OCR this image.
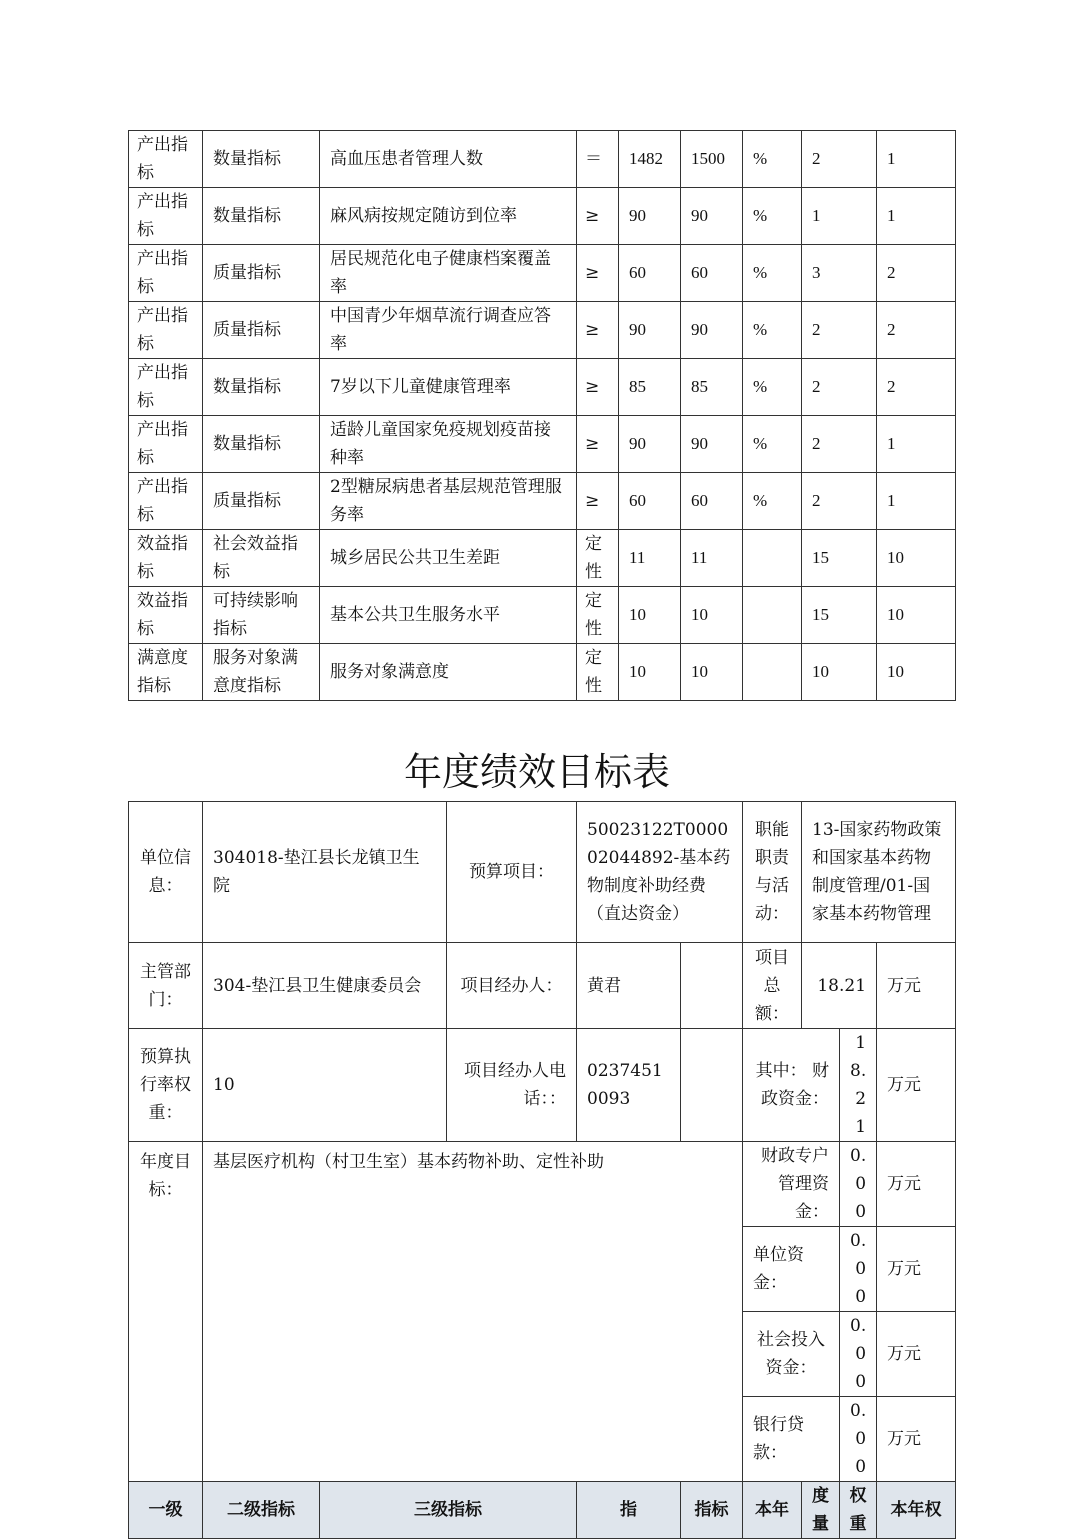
产出指标	数量指标	高血压患者管理人数	＝	1482	1500	%	2	1
产出指标	数量指标	麻风病按规定随访到位率	≥	90	90	%	1	1
产出指标	质量指标	居民规范化电子健康档案覆盖率	≥	60	60	%	3	2
产出指标	质量指标	中国青少年烟草流行调查应答率	≥	90	90	%	2	2
产出指标	数量指标	7岁以下儿童健康管理率	≥	85	85	%	2	2
产出指标	数量指标	适龄儿童国家免疫规划疫苗接种率	≥	90	90	%	2	1
产出指标	质量指标	2型糖尿病患者基层规范管理服务率	≥	60	60	%	2	1
效益指标	社会效益指标	城乡居民公共卫生差距	定性	11	11		15	10
效益指标	可持续影响指标	基本公共卫生服务水平	定性	10	10		15	10
满意度指标	服务对象满意度指标	服务对象满意度	定性	10	10		10	10
年度绩效目标表
单位信息：	304018-垫江县长龙镇卫生院		预算项目：	50023122T000002044892-基本药物制度补助经费（直达资金）		职能职责与活动：	13-国家药物政策和国家基本药物制度管理/01-国家基本药物管理		
主管部门：	304-垫江县卫生健康委员会		项目经办人：	黄君		项目总额：	18.21		万元
预算执行率权重：	10		项目经办人电话：：	02374510093		其中： 财政资金：		18.21	万元
年度目标：	基层医疗机构（村卫生室）基本药物补助、定性补助					财政专户管理资金：		0.00	万元
						单位资金：		0.00	万元
						社会投入资金：		0.00	万元
						银行贷款：		0.00	万元
一级	二级指标	三级指标		指	指标	本年	度量	权重	本年权
